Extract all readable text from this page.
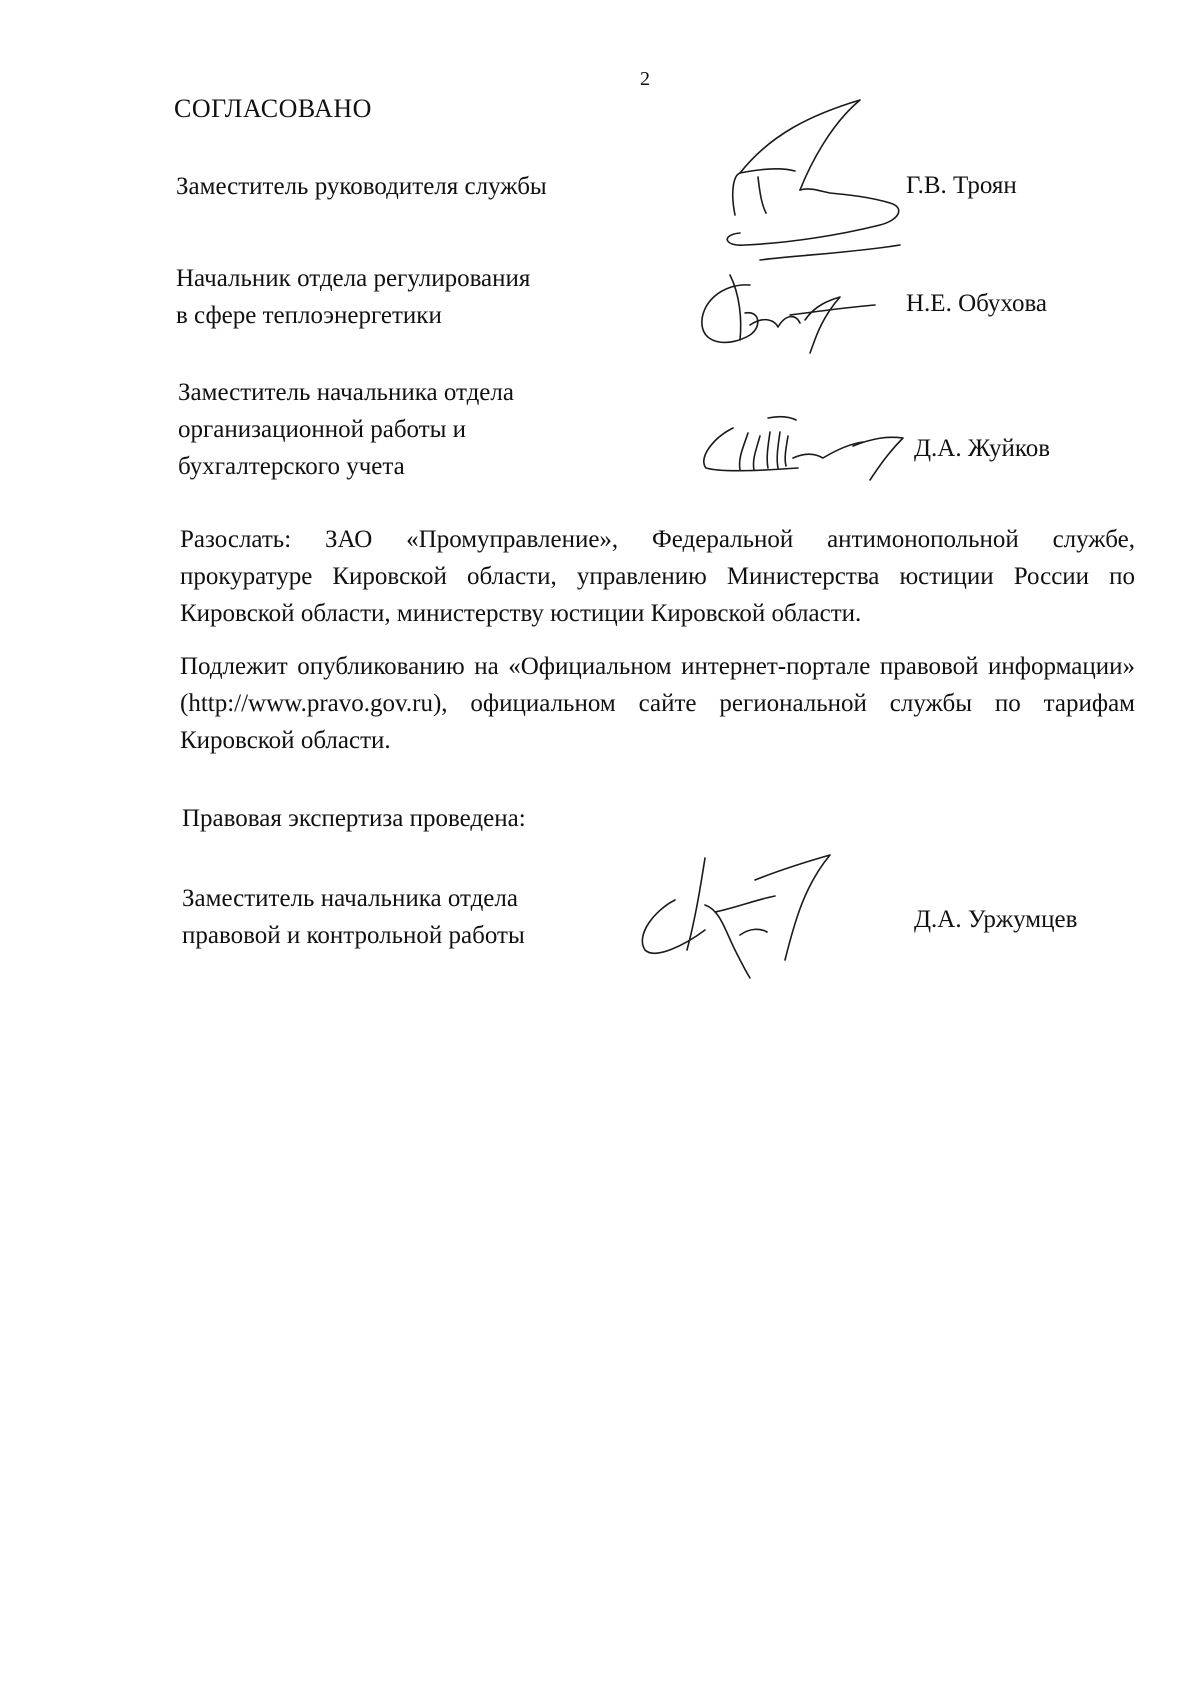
2
СОГЛАСОВАНО
Заместитель руководителя службы	Г.В. Троян
Начальник отдела регулирования
в сфере теплоэнергетики	Н.Е. Обухова
Заместитель начальника отдела
организационной работы и
бухгалтерского учета
Д.А. Жуйков
Разослать: ЗАО «Промуправление», Федеральной антимонопольной службе, прокуратуре Кировской области, управлению Министерства юстиции России по Кировской области, министерству юстиции Кировской области.
Подлежит опубликованию на «Официальном интернет-портале правовой информации» (http://www.pravo.gov.ru), официальном сайте региональной службы по тарифам Кировской области.
Правовая экспертиза проведена:
Заместитель начальника отдела
правовой и контрольной работы
Д.А. Уржумцев
